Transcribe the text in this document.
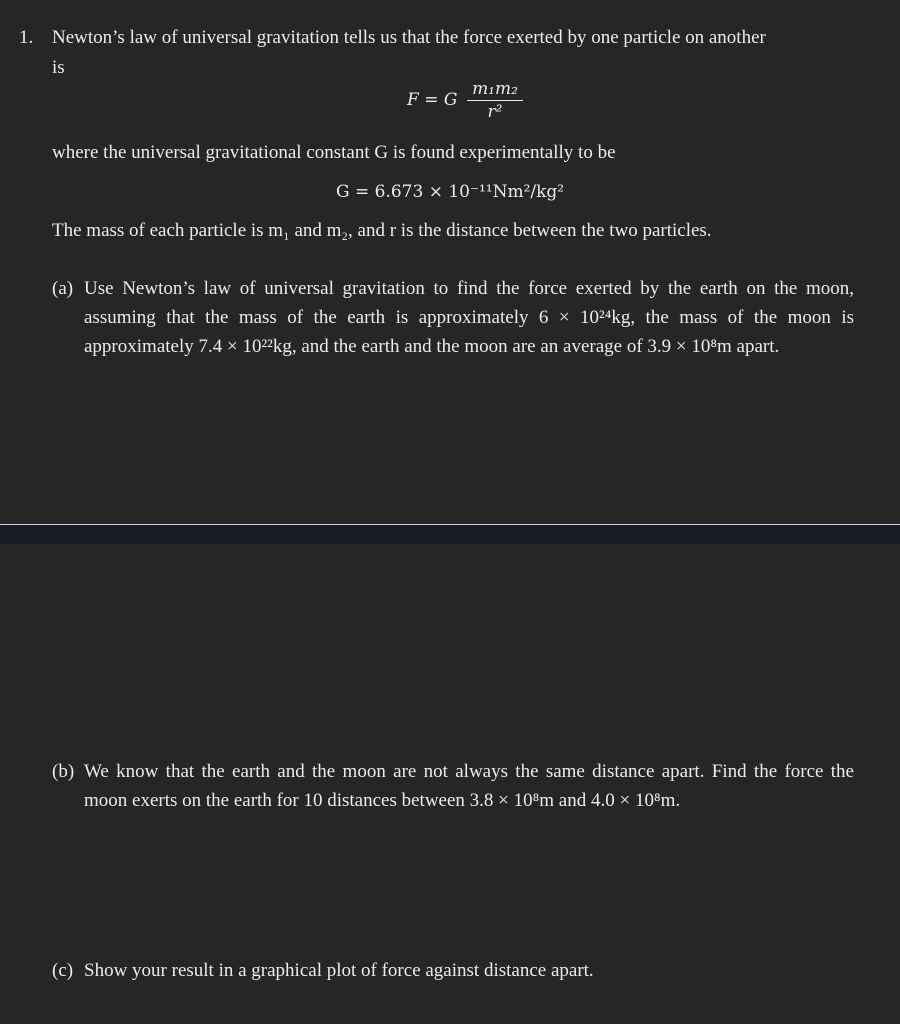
1. Newton’s law of universal gravitation tells us that the force exerted by one particle on another
is
F = G
m₁m₂
r²
where the universal gravitational constant G is found experimentally to be
G = 6.673 × 10⁻¹¹Nm²/kg²
The mass of each particle is m₁ and m₂, and r is the distance between the two particles.
(a) Use Newton’s law of universal gravitation to find the force exerted by the earth on the moon, assuming that the mass of the earth is approximately 6 × 10²⁴kg, the mass of the moon is approximately 7.4 × 10²²kg, and the earth and the moon are an average of 3.9 × 10⁸m apart.
(b) We know that the earth and the moon are not always the same distance apart. Find the force the moon exerts on the earth for 10 distances between 3.8 × 10⁸m and 4.0 × 10⁸m.
(c) Show your result in a graphical plot of force against distance apart.
